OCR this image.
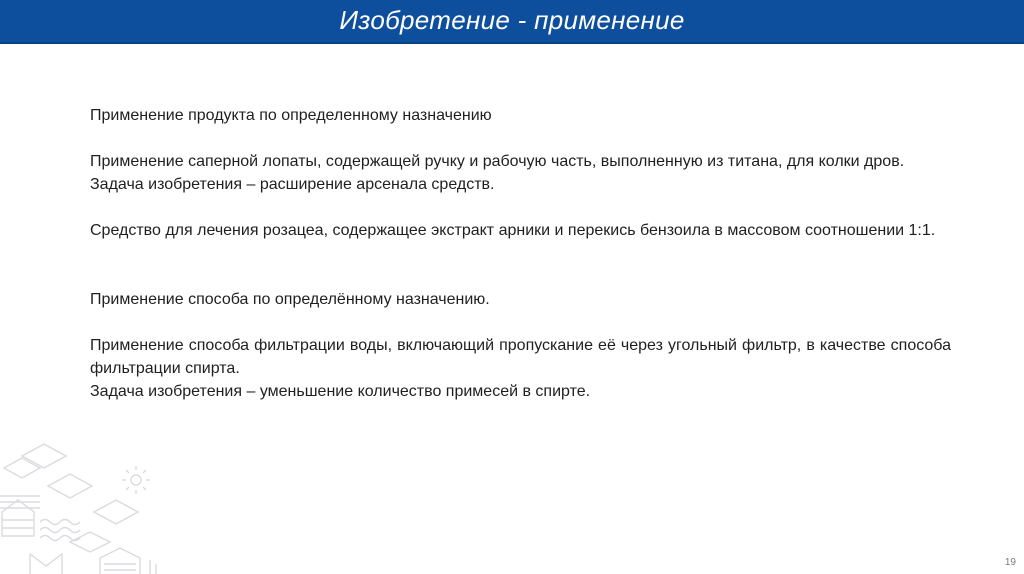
Изобретение - применение

Применение продукта по определенному назначению

Применение саперной лопаты, содержащей ручку и рабочую часть, выполненную из титана, для колки дров.

Задача изобретения – расширение арсенала средств.

Средство для лечения розацеа, содержащее экстракт арники и перекись бензоила в массовом соотношении 1:1.

Применение способа по определённому назначению.

Применение способа фильтрации воды, включающий пропускание её через угольный фильтр, в качестве способа фильтрации спирта.

Задача изобретения – уменьшение количество примесей в спирте.

19
